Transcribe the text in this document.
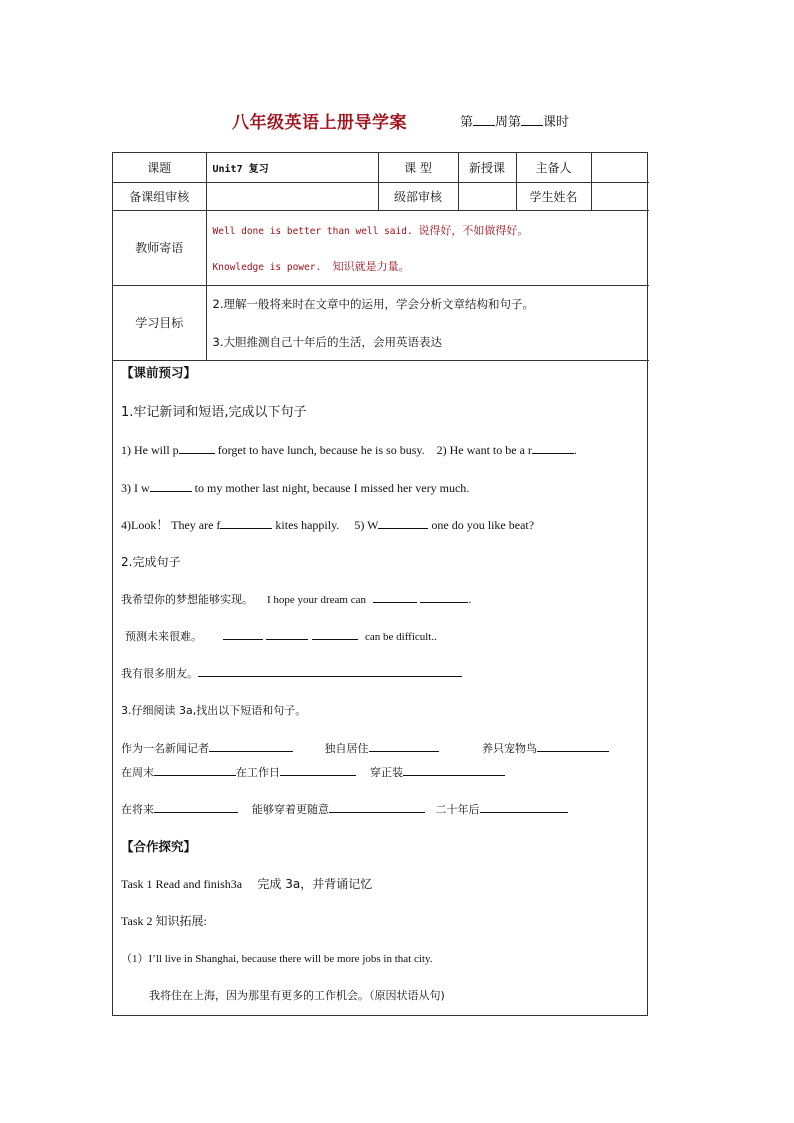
八年级英语上册导学案	第 周第 课时
课题	Unit7 复习	课 型	新授课	主备人	
备课组审核		级部审核		学生姓名	
教师寄语	Well done is better than well said. 说得好，不如做得好。
Knowledge is power. 知识就是力量。				

学习目标	2.理解一般将来时在文章中的运用，学会分析文章结构和句子。

3.大胆推测自己十年后的生活，会用英语表达				

【课前预习】
1.牢记新词和短语,完成以下句子
1) He will p	forget to have lunch, because he is so busy. 2) He want to be a r	.
3) I w	to my mother last night, because I missed her very much.
4)Look！ They are f	kites happily. 5) W	one do you like beat?
2.完成句子
我希望你的梦想能够实现。 I hope your dream can	.
预测未来很难。	can be difficult..
我有很多朋友。
3.仔细阅读 3a,找出以下短语和句子。
作为一名新闻记者	独自居住	养只宠物鸟
在周末	在工作日	穿正装
在将来	能够穿着更随意	二十年后
【合作探究】
Task 1 Read and finish3a 完成 3a，并背诵记忆
Task 2 知识拓展:
（1）I’ll live in Shanghai, because there will be more jobs in that city.
我将住在上海，因为那里有更多的工作机会。（原因状语从句)
